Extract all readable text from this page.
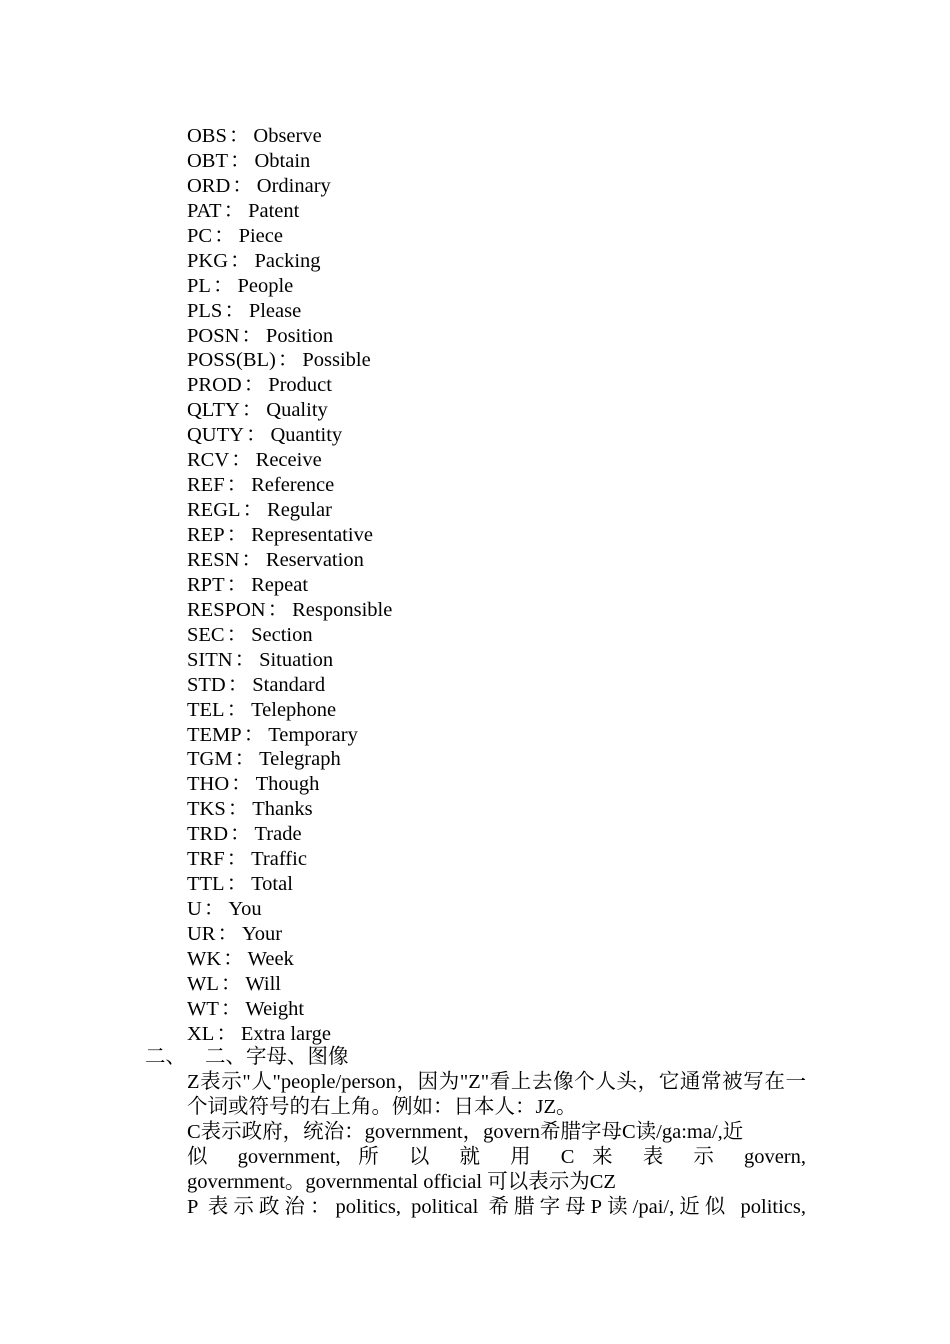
OBS： Observe
OBT： Obtain
ORD： Ordinary
PAT： Patent
PC： Piece
PKG： Packing
PL： People
PLS： Please
POSN： Position
POSS(BL)： Possible
PROD： Product
QLTY： Quality
QUTY： Quantity
RCV： Receive
REF： Reference
REGL： Regular
REP： Representative
RESN： Reservation
RPT： Repeat
RESPON： Responsible
SEC： Section
SITN： Situation
STD： Standard
TEL： Telephone
TEMP： Temporary
TGM： Telegraph
THO： Though
TKS： Thanks
TRD： Trade
TRF： Traffic
TTL： Total
U： You
UR： Your
WK： Week
WL： Will
WT： Weight
XL： Extra large
二、 二、字母、图像
Z表示"人"people/person，因为"Z"看上去像个人头，它通常被写在一个词或符号的右上角。例如：日本人：JZ。
C表示政府，统治：government，govern希腊字母C读/ga:ma/,近
似 government, 所 以 就 用 C 来 表 示 govern,
government。governmental official 可以表示为CZ
P 表示政治：politics, political 希腊字母P读/pai/,近似 politics,
